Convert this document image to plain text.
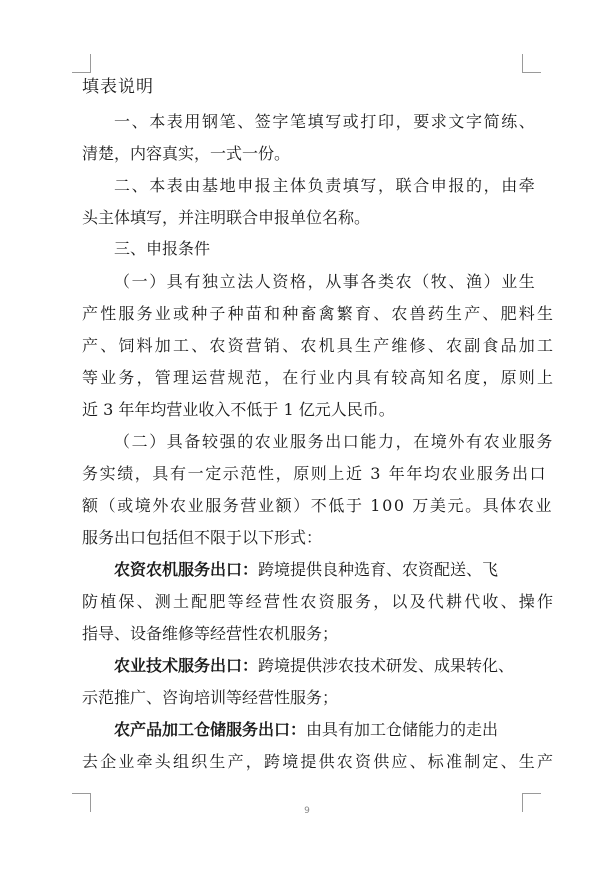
填表说明
一、本表用钢笔、签字笔填写或打印，要求文字简练、
清楚，内容真实，一式一份。
二、本表由基地申报主体负责填写，联合申报的，由牵
头主体填写，并注明联合申报单位名称。
三、申报条件
（一）具有独立法人资格，从事各类农（牧、渔）业生
产性服务业或种子种苗和种畜禽繁育、农兽药生产、肥料生
产、饲料加工、农资营销、农机具生产维修、农副食品加工
等业务，管理运营规范，在行业内具有较高知名度，原则上
近 3 年年均营业收入不低于 1 亿元人民币。
（二）具备较强的农业服务出口能力，在境外有农业服务
务实绩，具有一定示范性，原则上近 3 年年均农业服务出口
额（或境外农业服务营业额）不低于 100 万美元。具体农业
服务出口包括但不限于以下形式：
农资农机服务出口：跨境提供良种选育、农资配送、飞
防植保、测土配肥等经营性农资服务，以及代耕代收、操作
指导、设备维修等经营性农机服务；
农业技术服务出口：跨境提供涉农技术研发、成果转化、
示范推广、咨询培训等经营性服务；
农产品加工仓储服务出口：由具有加工仓储能力的走出
去企业牵头组织生产，跨境提供农资供应、标准制定、生产
9
